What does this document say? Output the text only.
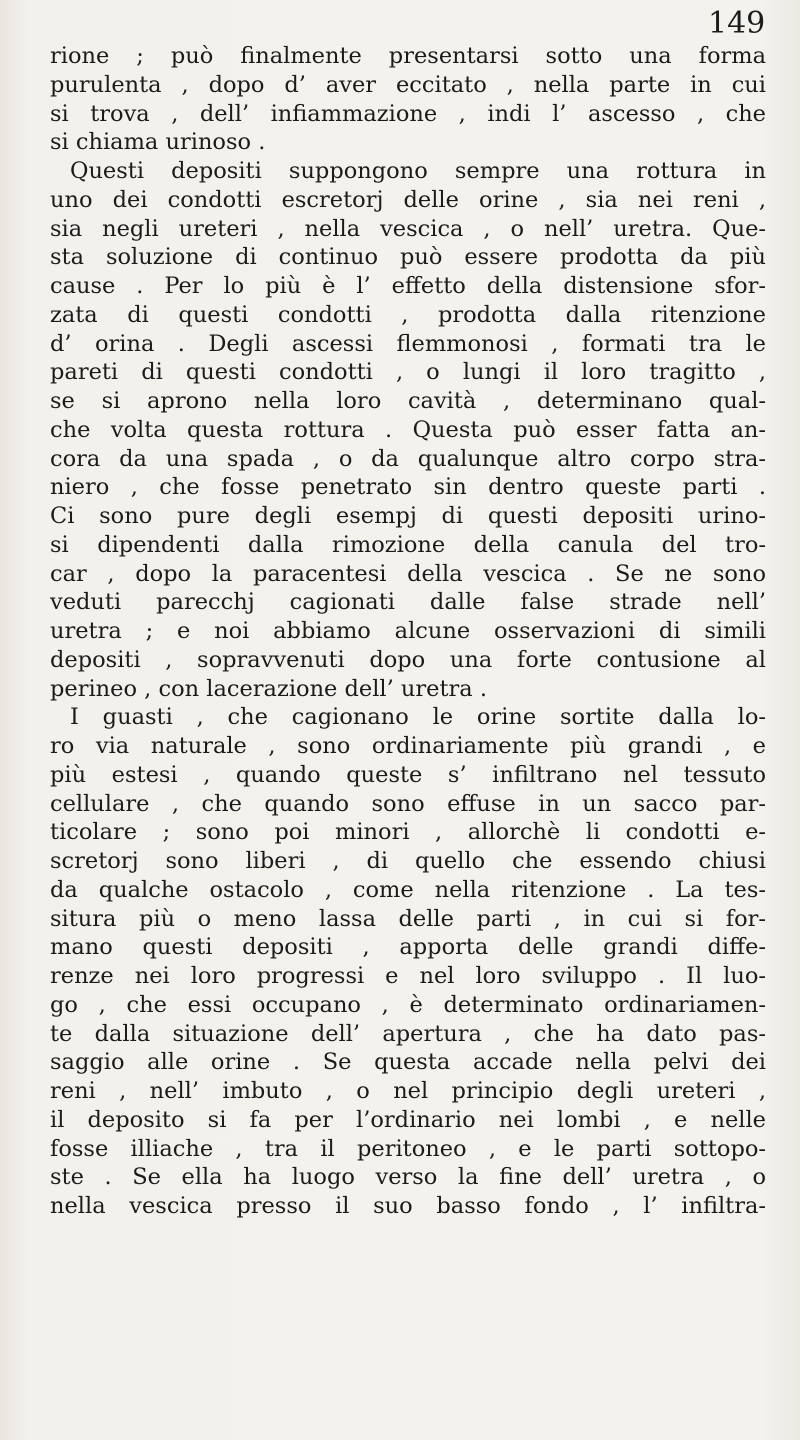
149
rione ; può finalmente presentarsi sotto una forma
purulenta , dopo d’ aver eccitato , nella parte in cui
si trova , dell’ infiammazione , indi l’ ascesso , che
si chiama urinoso .
Questi depositi suppongono sempre una rottura in
uno dei condotti escretorj delle orine , sia nei reni ,
sia negli ureteri , nella vescica , o nell’ uretra. Que-
sta soluzione di continuo può essere prodotta da più
cause . Per lo più è l’ effetto della distensione sfor-
zata di questi condotti , prodotta dalla ritenzione
d’ orina . Degli ascessi flemmonosi , formati tra le
pareti di questi condotti , o lungi il loro tragitto ,
se si aprono nella loro cavità , determinano qual-
che volta questa rottura . Questa può esser fatta an-
cora da una spada , o da qualunque altro corpo stra-
niero , che fosse penetrato sin dentro queste parti .
Ci sono pure degli esempj di questi depositi urino-
si dipendenti dalla rimozione della canula del tro-
car , dopo la paracentesi della vescica . Se ne sono
veduti parecchj cagionati dalle false strade nell’
uretra ; e noi abbiamo alcune osservazioni di simili
depositi , sopravvenuti dopo una forte contusione al
perineo , con lacerazione dell’ uretra .
I guasti , che cagionano le orine sortite dalla lo-
ro via naturale , sono ordinariamente più grandi , e
più estesi , quando queste s’ infiltrano nel tessuto
cellulare , che quando sono effuse in un sacco par-
ticolare ; sono poi minori , allorchè li condotti e-
scretorj sono liberi , di quello che essendo chiusi
da qualche ostacolo , come nella ritenzione . La tes-
situra più o meno lassa delle parti , in cui si for-
mano questi depositi , apporta delle grandi diffe-
renze nei loro progressi e nel loro sviluppo . Il luo-
go , che essi occupano , è determinato ordinariamen-
te dalla situazione dell’ apertura , che ha dato pas-
saggio alle orine . Se questa accade nella pelvi dei
reni , nell’ imbuto , o nel principio degli ureteri ,
il deposito si fa per l’ordinario nei lombi , e nelle
fosse illiache , tra il peritoneo , e le parti sottopo-
ste . Se ella ha luogo verso la fine dell’ uretra , o
nella vescica presso il suo basso fondo , l’ infiltra-
